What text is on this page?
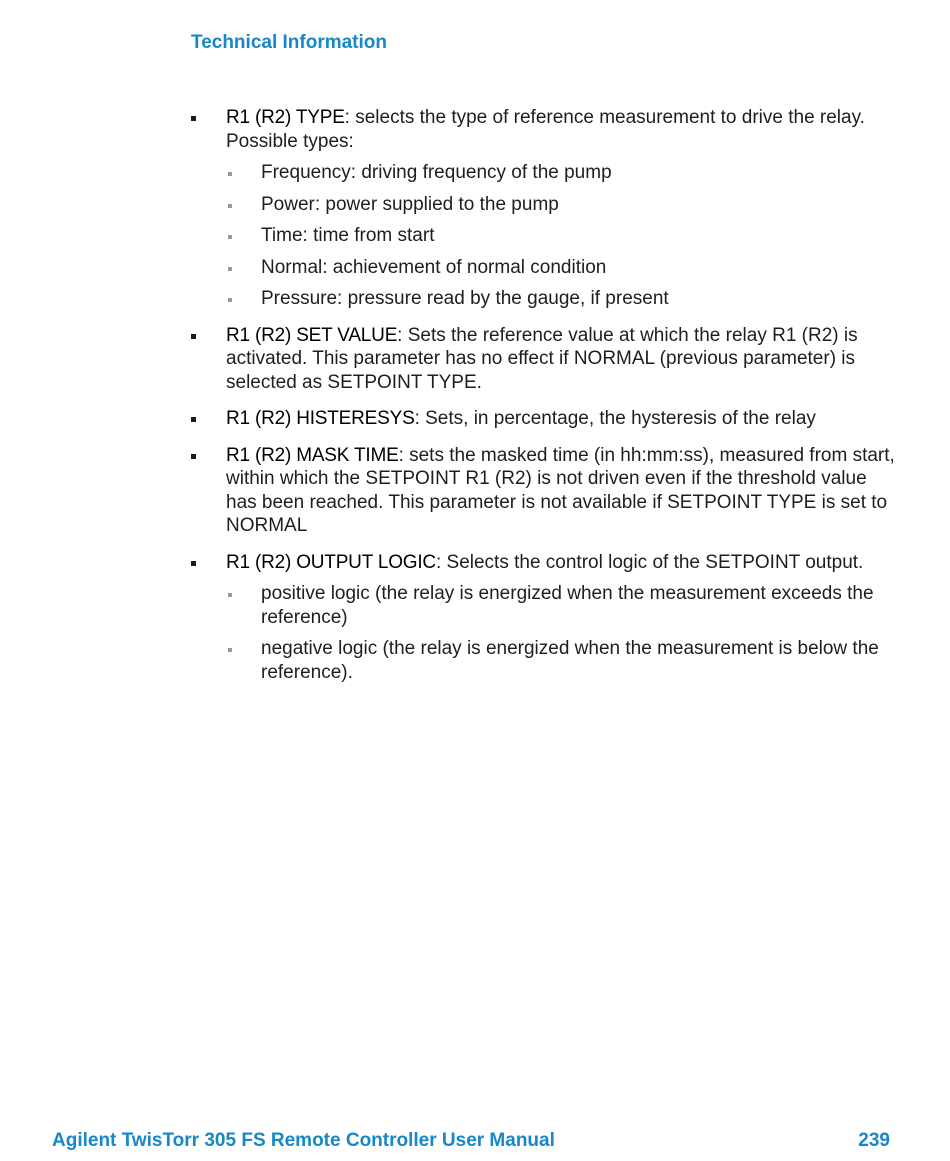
Technical Information
R1 (R2) TYPE: selects the type of reference measurement to drive the relay. Possible types:
Frequency: driving frequency of the pump
Power: power supplied to the pump
Time: time from start
Normal: achievement of normal condition
Pressure: pressure read by the gauge, if present
R1 (R2) SET VALUE: Sets the reference value at which the relay R1 (R2) is activated. This parameter has no effect if NORMAL (previous parameter) is selected as SETPOINT TYPE.
R1 (R2) HISTERESYS: Sets, in percentage, the hysteresis of the relay
R1 (R2) MASK TIME: sets the masked time (in hh:mm:ss), measured from start, within which the SETPOINT R1 (R2) is not driven even if the threshold value has been reached. This parameter is not available if SETPOINT TYPE is set to NORMAL
R1 (R2) OUTPUT LOGIC: Selects the control logic of the SETPOINT output.
positive logic (the relay is energized when the measurement exceeds the reference)
negative logic (the relay is energized when the measurement is below the reference).

Agilent TwisTorr 305 FS Remote Controller User Manual	239
